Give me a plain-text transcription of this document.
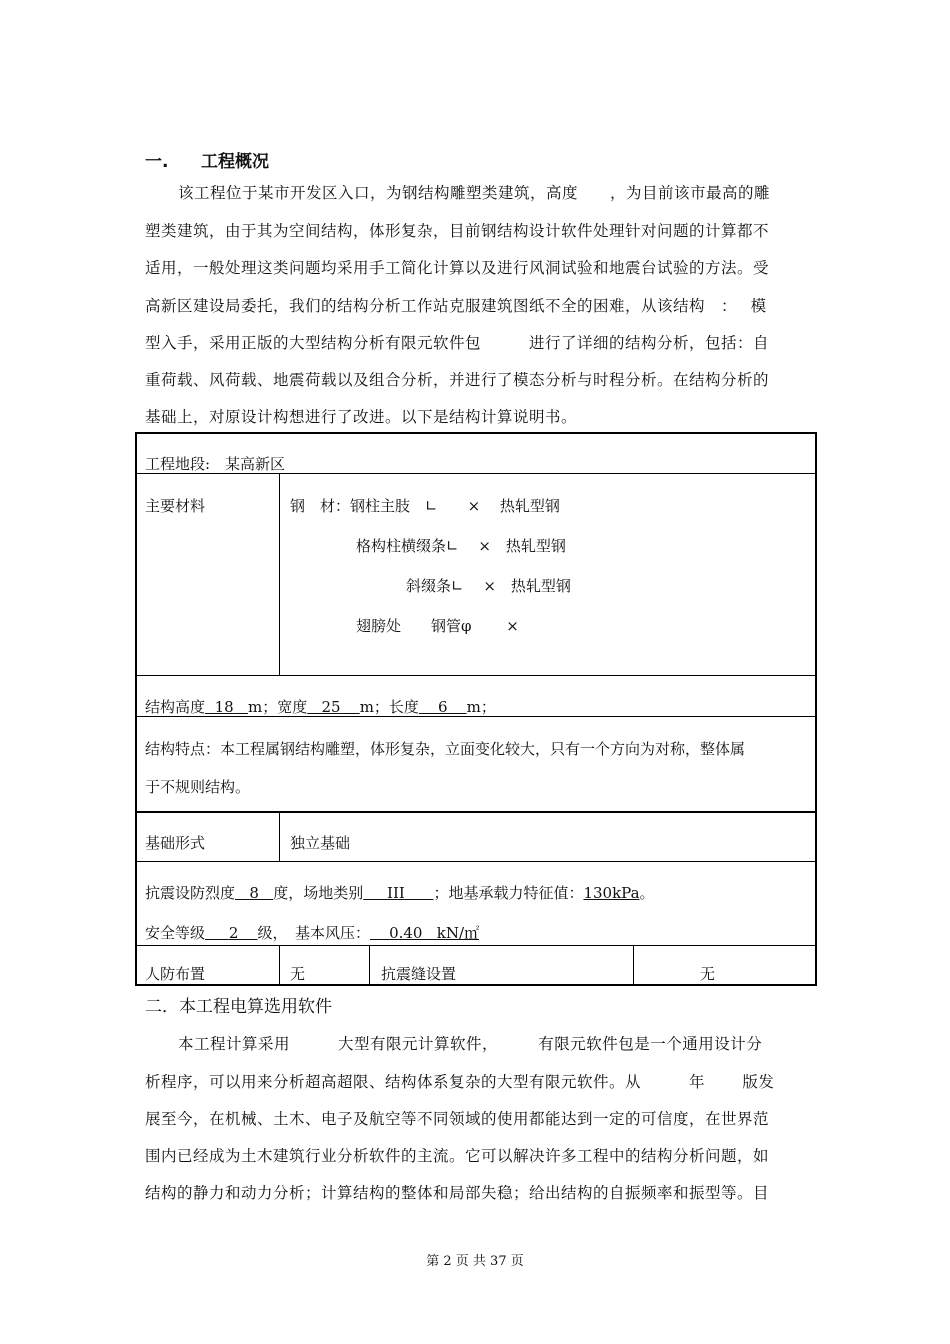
一. 工程概况
该工程位于某市开发区入口，为钢结构雕塑类建筑，高度　　，为目前该市最高的雕
塑类建筑，由于其为空间结构，体形复杂，目前钢结构设计软件处理针对问题的计算都不
适用，一般处理这类问题均采用手工简化计算以及进行风洞试验和地震台试验的方法。受
高新区建设局委托，我们的结构分析工作站克服建筑图纸不全的困难，从该结构　：　 模
型入手，采用正版的大型结构分析有限元软件包　　　进行了详细的结构分析，包括：自
重荷载、风荷载、地震荷载以及组合分析，并进行了模态分析与时程分析。在结构分析的
基础上，对原设计构想进行了改进。以下是结构计算说明书。
工程地段:　某高新区
主要材料	钢　材：钢柱主肢　∟　　×　 热轧型钢
格构柱横缀条∟　 ×　热轧型钢
斜缀条∟　 ×　热轧型钢
翅膀处　　钢管φ　　 ×
结构高度 18 m；宽度 25 m；长度 6 m；
结构特点：本工程属钢结构雕塑，体形复杂，立面变化较大，只有一个方向为对称，整体属
于不规则结构。
基础形式	独立基础
抗震设防烈度 8 度，场地类别 III ；地基承载力特征值：130kPa。
安全等级 2 级，　基本风压： 0.40 kN/㎡
人防布置	无	抗震缝设置	无
二．本工程电算选用软件
本工程计算采用　　　大型有限元计算软件，　　　有限元软件包是一个通用设计分
析程序，可以用来分析超高超限、结构体系复杂的大型有限元软件。从　　　年　　 版发
展至今，在机械、土木、电子及航空等不同领域的使用都能达到一定的可信度，在世界范
围内已经成为土木建筑行业分析软件的主流。它可以解决许多工程中的结构分析问题，如
结构的静力和动力分析；计算结构的整体和局部失稳；给出结构的自振频率和振型等。目
第 2 页 共 37 页
